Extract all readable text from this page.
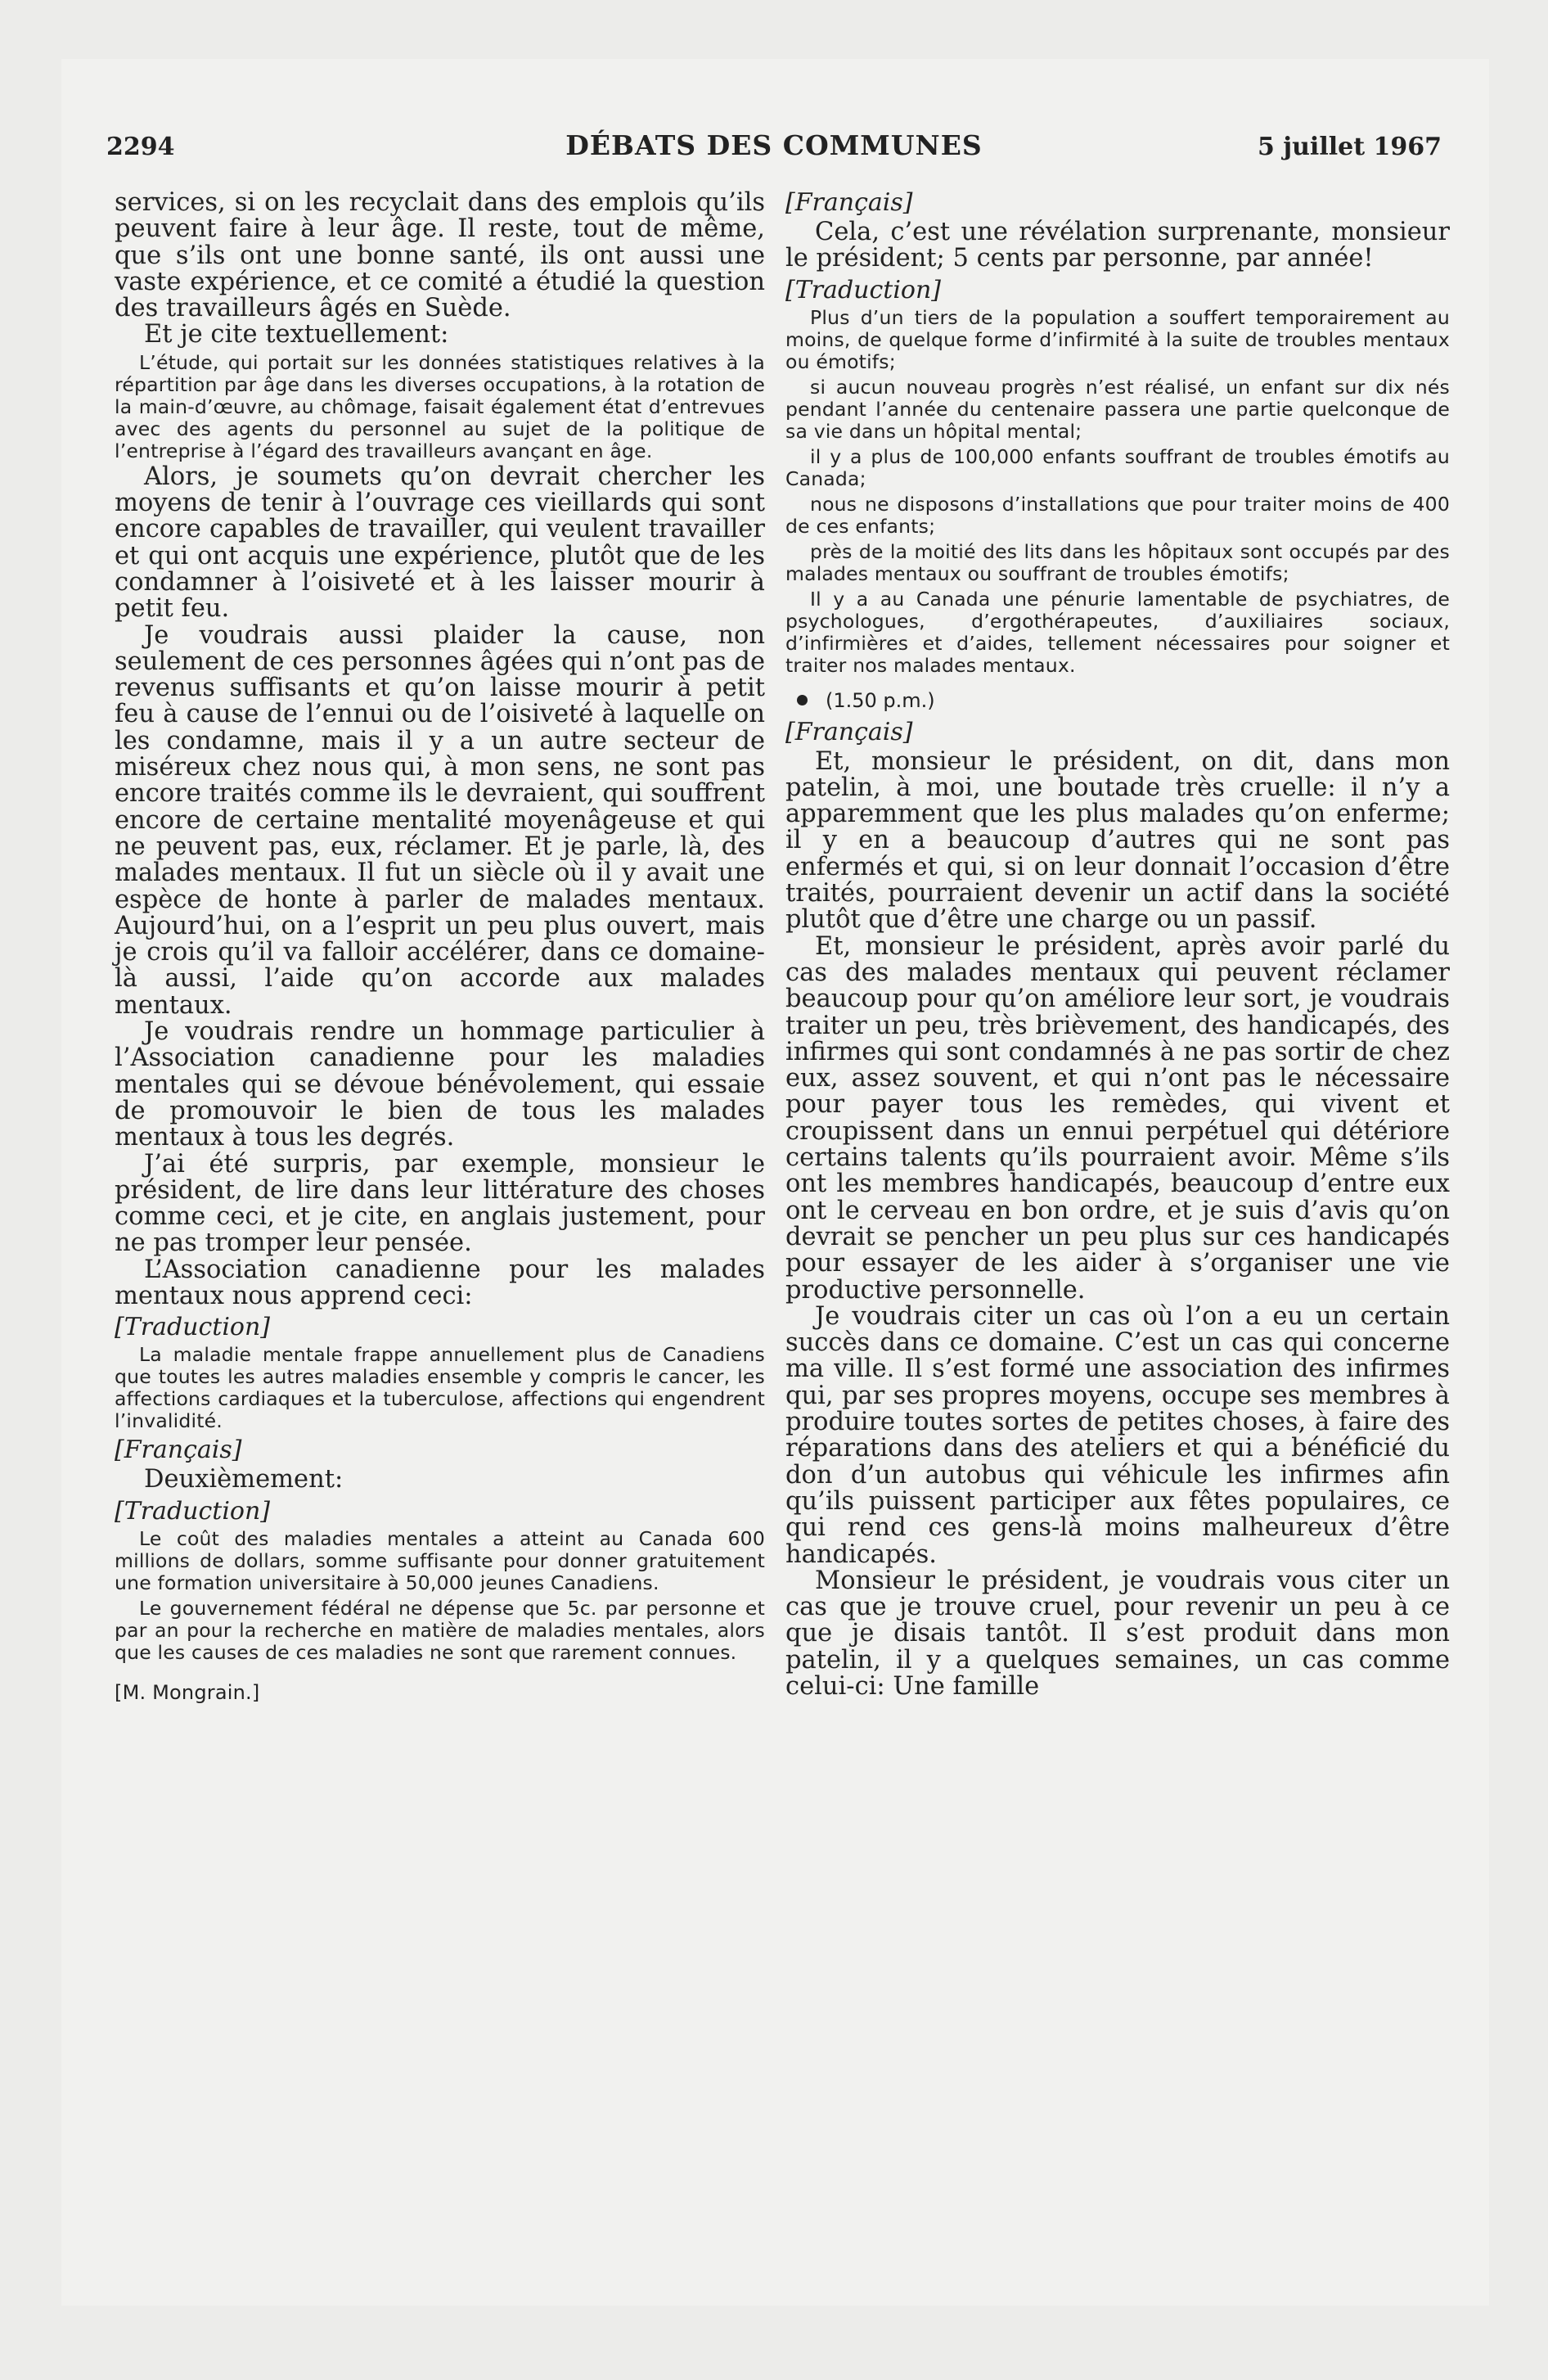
2294	DÉBATS DES COMMUNES	5 juillet 1967

services, si on les recyclait dans des emplois qu’ils peuvent faire à leur âge. Il reste, tout de même, que s’ils ont une bonne santé, ils ont aussi une vaste expérience, et ce comité a étudié la question des travailleurs âgés en Suède.

Et je cite textuellement:

L’étude, qui portait sur les données statistiques relatives à la répartition par âge dans les diverses occupations, à la rotation de la main-d’œuvre, au chômage, faisait également état d’entrevues avec des agents du personnel au sujet de la politique de l’entreprise à l’égard des travailleurs avançant en âge.

Alors, je soumets qu’on devrait chercher les moyens de tenir à l’ouvrage ces vieillards qui sont encore capables de travailler, qui veulent travailler et qui ont acquis une expérience, plutôt que de les condamner à l’oisiveté et à les laisser mourir à petit feu.

Je voudrais aussi plaider la cause, non seulement de ces personnes âgées qui n’ont pas de revenus suffisants et qu’on laisse mourir à petit feu à cause de l’ennui ou de l’oisiveté à laquelle on les condamne, mais il y a un autre secteur de miséreux chez nous qui, à mon sens, ne sont pas encore traités comme ils le devraient, qui souffrent encore de certaine mentalité moyenâgeuse et qui ne peuvent pas, eux, réclamer. Et je parle, là, des malades mentaux. Il fut un siècle où il y avait une espèce de honte à parler de malades mentaux. Aujourd’hui, on a l’esprit un peu plus ouvert, mais je crois qu’il va falloir accélérer, dans ce domaine-là aussi, l’aide qu’on accorde aux malades mentaux.

Je voudrais rendre un hommage particulier à l’Association canadienne pour les maladies mentales qui se dévoue bénévolement, qui essaie de promouvoir le bien de tous les malades mentaux à tous les degrés.

J’ai été surpris, par exemple, monsieur le président, de lire dans leur littérature des choses comme ceci, et je cite, en anglais justement, pour ne pas tromper leur pensée.

L’Association canadienne pour les malades mentaux nous apprend ceci:

[Traduction]

La maladie mentale frappe annuellement plus de Canadiens que toutes les autres maladies ensemble y compris le cancer, les affections cardiaques et la tuberculose, affections qui engendrent l’invalidité.

[Français]

Deuxièmement:

[Traduction]

Le coût des maladies mentales a atteint au Canada 600 millions de dollars, somme suffisante pour donner gratuitement une formation universitaire à 50,000 jeunes Canadiens.

Le gouvernement fédéral ne dépense que 5c. par personne et par an pour la recherche en matière de maladies mentales, alors que les causes de ces maladies ne sont que rarement connues.

[M. Mongrain.]

[Français]

Cela, c’est une révélation surprenante, monsieur le président; 5 cents par personne, par année!

[Traduction]

Plus d’un tiers de la population a souffert temporairement au moins, de quelque forme d’infirmité à la suite de troubles mentaux ou émotifs;

si aucun nouveau progrès n’est réalisé, un enfant sur dix nés pendant l’année du centenaire passera une partie quelconque de sa vie dans un hôpital mental;

il y a plus de 100,000 enfants souffrant de troubles émotifs au Canada;

nous ne disposons d’installations que pour traiter moins de 400 de ces enfants;

près de la moitié des lits dans les hôpitaux sont occupés par des malades mentaux ou souffrant de troubles émotifs;

Il y a au Canada une pénurie lamentable de psychiatres, de psychologues, d’ergothérapeutes, d’auxiliaires sociaux, d’infirmières et d’aides, tellement nécessaires pour soigner et traiter nos malades mentaux.

(1.50 p.m.)

[Français]

Et, monsieur le président, on dit, dans mon patelin, à moi, une boutade très cruelle: il n’y a apparemment que les plus malades qu’on enferme; il y en a beaucoup d’autres qui ne sont pas enfermés et qui, si on leur donnait l’occasion d’être traités, pourraient devenir un actif dans la société plutôt que d’être une charge ou un passif.

Et, monsieur le président, après avoir parlé du cas des malades mentaux qui peuvent réclamer beaucoup pour qu’on améliore leur sort, je voudrais traiter un peu, très brièvement, des handicapés, des infirmes qui sont condamnés à ne pas sortir de chez eux, assez souvent, et qui n’ont pas le nécessaire pour payer tous les remèdes, qui vivent et croupissent dans un ennui perpétuel qui détériore certains talents qu’ils pourraient avoir. Même s’ils ont les membres handicapés, beaucoup d’entre eux ont le cerveau en bon ordre, et je suis d’avis qu’on devrait se pencher un peu plus sur ces handicapés pour essayer de les aider à s’organiser une vie productive personnelle.

Je voudrais citer un cas où l’on a eu un certain succès dans ce domaine. C’est un cas qui concerne ma ville. Il s’est formé une association des infirmes qui, par ses propres moyens, occupe ses membres à produire toutes sortes de petites choses, à faire des réparations dans des ateliers et qui a bénéficié du don d’un autobus qui véhicule les infirmes afin qu’ils puissent participer aux fêtes populaires, ce qui rend ces gens-là moins malheureux d’être handicapés.

Monsieur le président, je voudrais vous citer un cas que je trouve cruel, pour revenir un peu à ce que je disais tantôt. Il s’est produit dans mon patelin, il y a quelques semaines, un cas comme celui-ci: Une famille
